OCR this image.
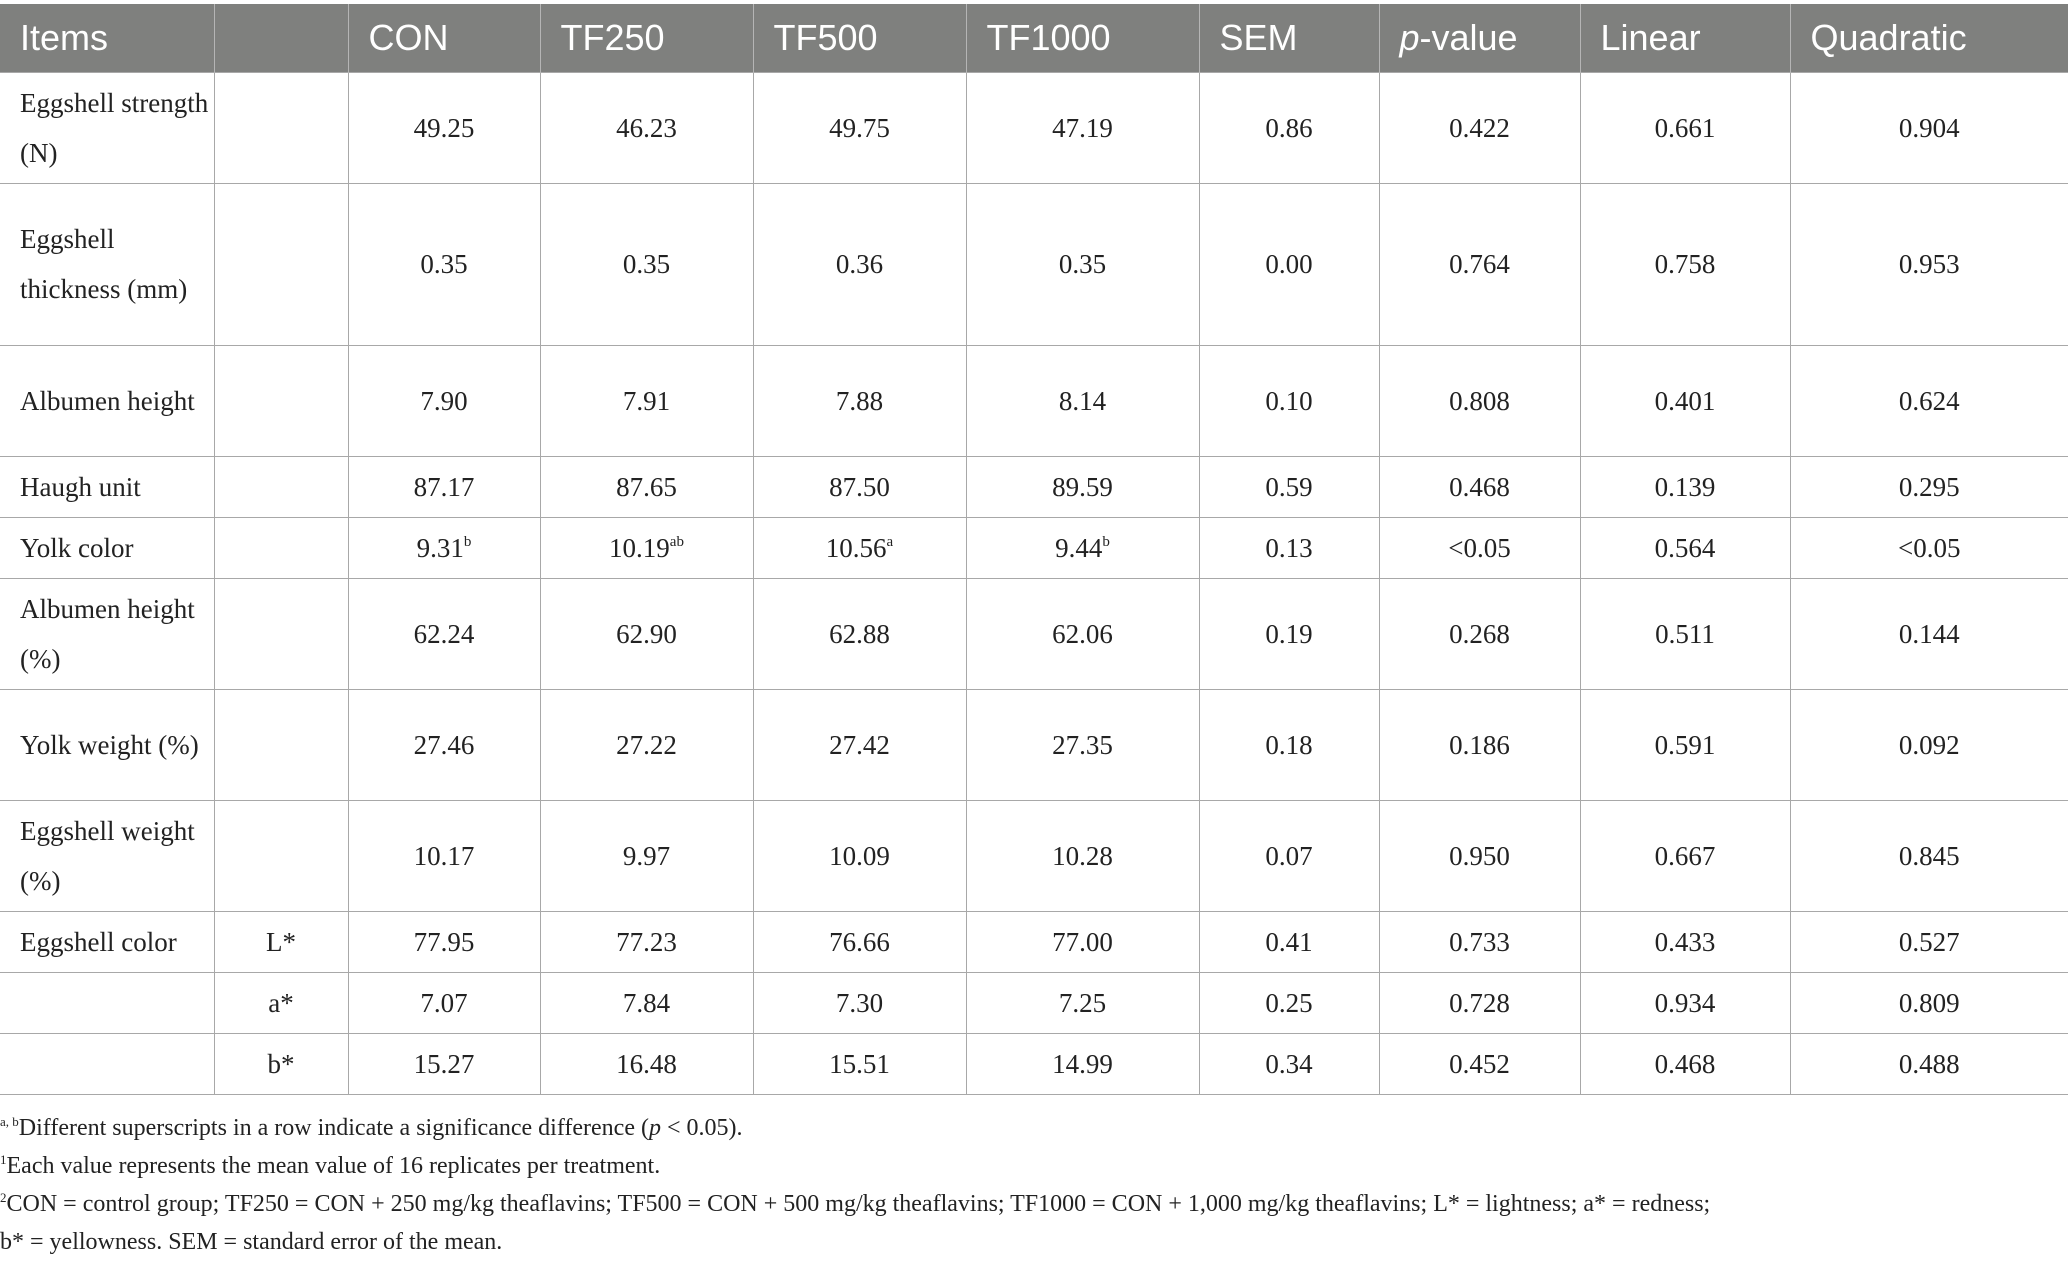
Items		CON	TF250	TF500	TF1000	SEM	p-value	Linear	Quadratic
Eggshell strength (N)		49.25	46.23	49.75	47.19	0.86	0.422	0.661	0.904
Eggshell thickness (mm)		0.35	0.35	0.36	0.35	0.00	0.764	0.758	0.953
Albumen height		7.90	7.91	7.88	8.14	0.10	0.808	0.401	0.624
Haugh unit		87.17	87.65	87.50	89.59	0.59	0.468	0.139	0.295
Yolk color		9.31$^b$	10.19$^{ab}$	10.56$^a$	9.44$^b$	0.13	<0.05	0.564	<0.05
Albumen height (%)		62.24	62.90	62.88	62.06	0.19	0.268	0.511	0.144
Yolk weight (%)		27.46	27.22	27.42	27.35	0.18	0.186	0.591	0.092
Eggshell weight (%)		10.17	9.97	10.09	10.28	0.07	0.950	0.667	0.845
Eggshell color	L*	77.95	77.23	76.66	77.00	0.41	0.733	0.433	0.527
	a*	7.07	7.84	7.30	7.25	0.25	0.728	0.934	0.809
	b*	15.27	16.48	15.51	14.99	0.34	0.452	0.468	0.488

$^{a, b}$Different superscripts in a row indicate a significance difference (p < 0.05).

$^1$Each value represents the mean value of 16 replicates per treatment.

$^2$CON = control group; TF250 = CON + 250 mg/kg theaflavins; TF500 = CON + 500 mg/kg theaflavins; TF1000 = CON + 1,000 mg/kg theaflavins; L* = lightness; a* = redness;

b* = yellowness. SEM = standard error of the mean.
